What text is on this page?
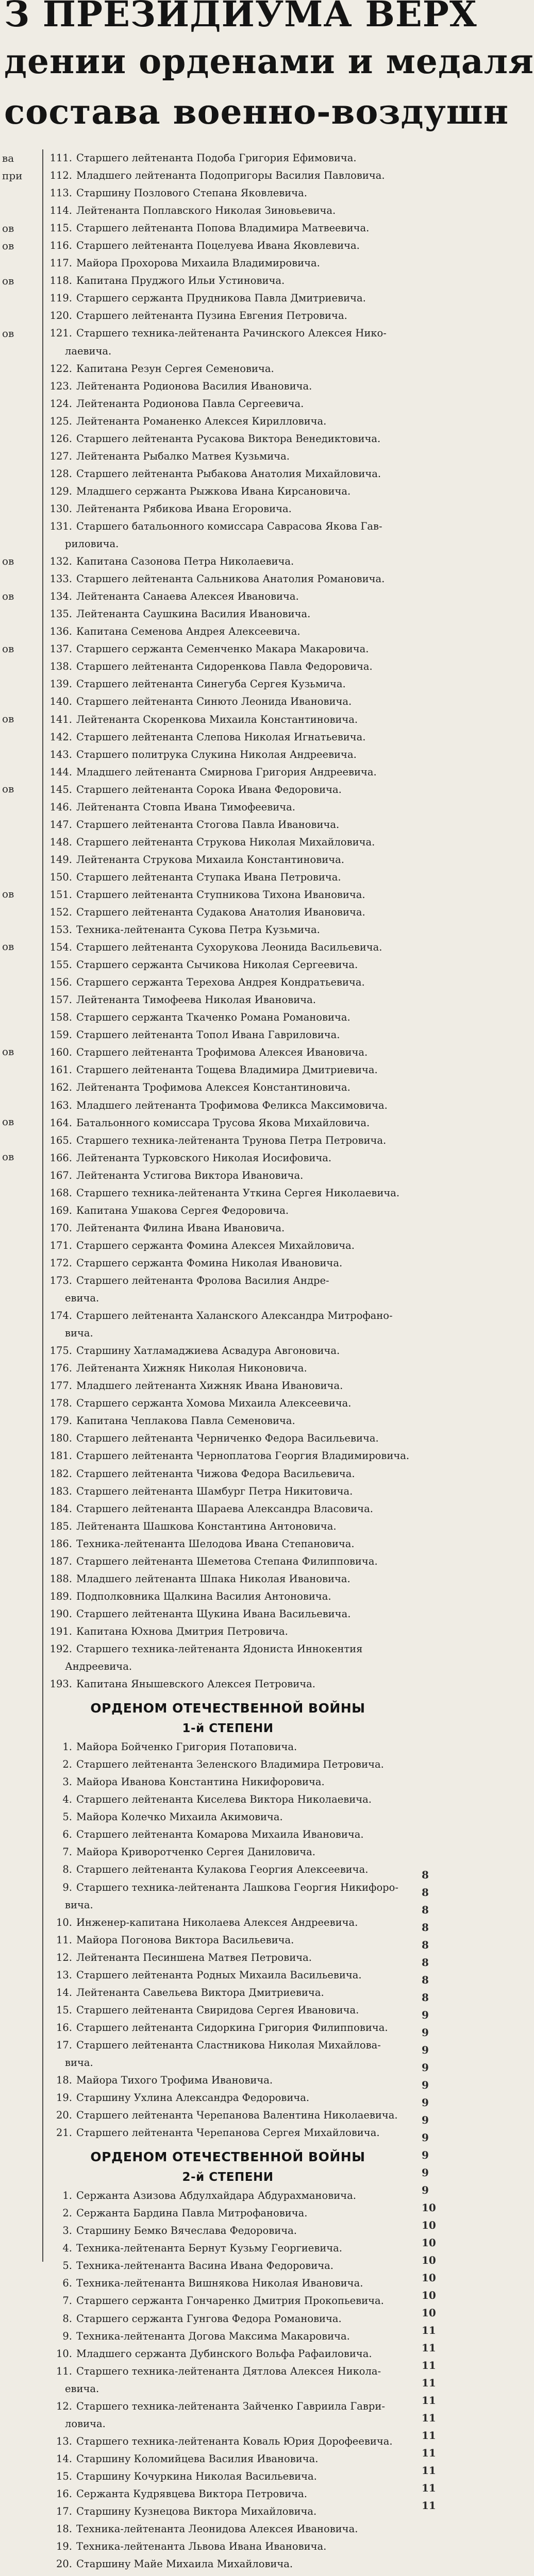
З ПРЕЗИДИУМА ВЕРХ
дении орденами и медаля
состава военно-воздушн
ва
при
ов
ов
ов
ов
ов
ов
ов
ов
ов
ов
ов
ов
ов
ов
111. Старшего лейтенанта Подоба Григория Ефимовича.
112. Младшего лейтенанта Подопригоры Василия Павловича.
113. Старшину Позлового Степана Яковлевича.
114. Лейтенанта Поплавского Николая Зиновьевича.
115. Старшего лейтенанта Попова Владимира Матвеевича.
116. Старшего лейтенанта Поцелуева Ивана Яковлевича.
117. Майора Прохорова Михаила Владимировича.
118. Капитана Пруджого Ильи Устиновича.
119. Старшего сержанта Прудникова Павла Дмитриевича.
120. Старшего лейтенанта Пузина Евгения Петровича.
121. Старшего техника-лейтенанта Рачинского Алексея Нико-
лаевича.
122. Капитана Резун Сергея Семеновича.
123. Лейтенанта Родионова Василия Ивановича.
124. Лейтенанта Родионова Павла Сергеевича.
125. Лейтенанта Романенко Алексея Кирилловича.
126. Старшего лейтенанта Русакова Виктора Венедиктовича.
127. Лейтенанта Рыбалко Матвея Кузьмича.
128. Старшего лейтенанта Рыбакова Анатолия Михайловича.
129. Младшего сержанта Рыжкова Ивана Кирсановича.
130. Лейтенанта Рябикова Ивана Егоровича.
131. Старшего батальонного комиссара Саврасова Якова Гав-
риловича.
132. Капитана Сазонова Петра Николаевича.
133. Старшего лейтенанта Сальникова Анатолия Романовича.
134. Лейтенанта Санаева Алексея Ивановича.
135. Лейтенанта Саушкина Василия Ивановича.
136. Капитана Семенова Андрея Алексеевича.
137. Старшего сержанта Семенченко Макара Макаровича.
138. Старшего лейтенанта Сидоренкова Павла Федоровича.
139. Старшего лейтенанта Синегуба Сергея Кузьмича.
140. Старшего лейтенанта Синюто Леонида Ивановича.
141. Лейтенанта Скоренкова Михаила Константиновича.
142. Старшего лейтенанта Слепова Николая Игнатьевича.
143. Старшего политрука Слукина Николая Андреевича.
144. Младшего лейтенанта Смирнова Григория Андреевича.
145. Старшего лейтенанта Сорока Ивана Федоровича.
146. Лейтенанта Стовпа Ивана Тимофеевича.
147. Старшего лейтенанта Стогова Павла Ивановича.
148. Старшего лейтенанта Струкова Николая Михайловича.
149. Лейтенанта Струкова Михаила Константиновича.
150. Старшего лейтенанта Ступака Ивана Петровича.
151. Старшего лейтенанта Ступникова Тихона Ивановича.
152. Старшего лейтенанта Судакова Анатолия Ивановича.
153. Техника-лейтенанта Сукова Петра Кузьмича.
154. Старшего лейтенанта Сухорукова Леонида Васильевича.
155. Старшего сержанта Сычикова Николая Сергеевича.
156. Старшего сержанта Терехова Андрея Кондратьевича.
157. Лейтенанта Тимофеева Николая Ивановича.
158. Старшего сержанта Ткаченко Романа Романовича.
159. Старшего лейтенанта Топол Ивана Гавриловича.
160. Старшего лейтенанта Трофимова Алексея Ивановича.
161. Старшего лейтенанта Тощева Владимира Дмитриевича.
162. Лейтенанта Трофимова Алексея Константиновича.
163. Младшего лейтенанта Трофимова Феликса Максимовича.
164. Батальонного комиссара Трусова Якова Михайловича.
165. Старшего техника-лейтенанта Трунова Петра Петровича.
166. Лейтенанта Турковского Николая Иосифовича.
167. Лейтенанта Устигова Виктора Ивановича.
168. Старшего техника-лейтенанта Уткина Сергея Николаевича.
169. Капитана Ушакова Сергея Федоровича.
170. Лейтенанта Филина Ивана Ивановича.
171. Старшего сержанта Фомина Алексея Михайловича.
172. Старшего сержанта Фомина Николая Ивановича.
173. Старшего лейтенанта Фролова Василия Андре-
евича.
174. Старшего лейтенанта Халанского Александра Митрофано-
вича.
175. Старшину Хатламаджиева Асвадура Авгоновича.
176. Лейтенанта Хижняк Николая Никоновича.
177. Младшего лейтенанта Хижняк Ивана Ивановича.
178. Старшего сержанта Хомова Михаила Алексеевича.
179. Капитана Чеплакова Павла Семеновича.
180. Старшего лейтенанта Черниченко Федора Васильевича.
181. Старшего лейтенанта Черноплатова Георгия Владимировича.
182. Старшего лейтенанта Чижова Федора Васильевича.
183. Старшего лейтенанта Шамбург Петра Никитовича.
184. Старшего лейтенанта Шараева Александра Власовича.
185. Лейтенанта Шашкова Константина Антоновича.
186. Техника-лейтенанта Шелодова Ивана Степановича.
187. Старшего лейтенанта Шеметова Степана Филипповича.
188. Младшего лейтенанта Шпака Николая Ивановича.
189. Подполковника Щалкина Василия Антоновича.
190. Старшего лейтенанта Щукина Ивана Васильевича.
191. Капитана Юхнова Дмитрия Петровича.
192. Старшего техника-лейтенанта Ядониста Иннокентия
Андреевича.
193. Капитана Янышевского Алексея Петровича.
ОРДЕНОМ ОТЕЧЕСТВЕННОЙ ВОЙНЫ
1-й СТЕПЕНИ
1. Майора Бойченко Григория Потаповича.
2. Старшего лейтенанта Зеленского Владимира Петровича.
3. Майора Иванова Константина Никифоровича.
4. Старшего лейтенанта Киселева Виктора Николаевича.
5. Майора Колечко Михаила Акимовича.
6. Старшего лейтенанта Комарова Михаила Ивановича.
7. Майора Криворотченко Сергея Даниловича.
8. Старшего лейтенанта Кулакова Георгия Алексеевича.
9. Старшего техника-лейтенанта Лашкова Георгия Никифоро-
вича.
10. Инженер-капитана Николаева Алексея Андреевича.
11. Майора Погонова Виктора Васильевича.
12. Лейтенанта Песиншена Матвея Петровича.
13. Старшего лейтенанта Родных Михаила Васильевича.
14. Лейтенанта Савельева Виктора Дмитриевича.
15. Старшего лейтенанта Свиридова Сергея Ивановича.
16. Старшего лейтенанта Сидоркина Григория Филипповича.
17. Старшего лейтенанта Сластникова Николая Михайлова-
вича.
18. Майора Тихого Трофима Ивановича.
19. Старшину Ухлина Александра Федоровича.
20. Старшего лейтенанта Черепанова Валентина Николаевича.
21. Старшего лейтенанта Черепанова Сергея Михайловича.
ОРДЕНОМ ОТЕЧЕСТВЕННОЙ ВОЙНЫ
2-й СТЕПЕНИ
1. Сержанта Азизова Абдулхайдара Абдурахмановича.
2. Сержанта Бардина Павла Митрофановича.
3. Старшину Бемко Вячеслава Федоровича.
4. Техника-лейтенанта Бернут Кузьму Георгиевича.
5. Техника-лейтенанта Васина Ивана Федоровича.
6. Техника-лейтенанта Вишнякова Николая Ивановича.
7. Старшего сержанта Гончаренко Дмитрия Прокопьевича.
8. Старшего сержанта Гунгова Федора Романовича.
9. Техника-лейтенанта Догова Максима Макаровича.
10. Младшего сержанта Дубинского Вольфа Рафаиловича.
11. Старшего техника-лейтенанта Дятлова Алексея Никола-
евича.
12. Старшего техника-лейтенанта Зайченко Гавриила Гаври-
ловича.
13. Старшего техника-лейтенанта Коваль Юрия Дорофеевича.
14. Старшину Коломийцева Василия Ивановича.
15. Старшину Кочуркина Николая Васильевича.
16. Сержанта Кудрявцева Виктора Петровича.
17. Старшину Кузнецова Виктора Михайловича.
18. Техника-лейтенанта Леонидова Алексея Ивановича.
19. Техника-лейтенанта Львова Ивана Ивановича.
20. Старшину Майе Михаила Михайловича.
8
8
8
8
8
8
8
8
9
9
9
9
9
9
9
9
9
9
9
10
10
10
10
10
10
10
11
11
11
11
11
11
11
11
11
11
11
